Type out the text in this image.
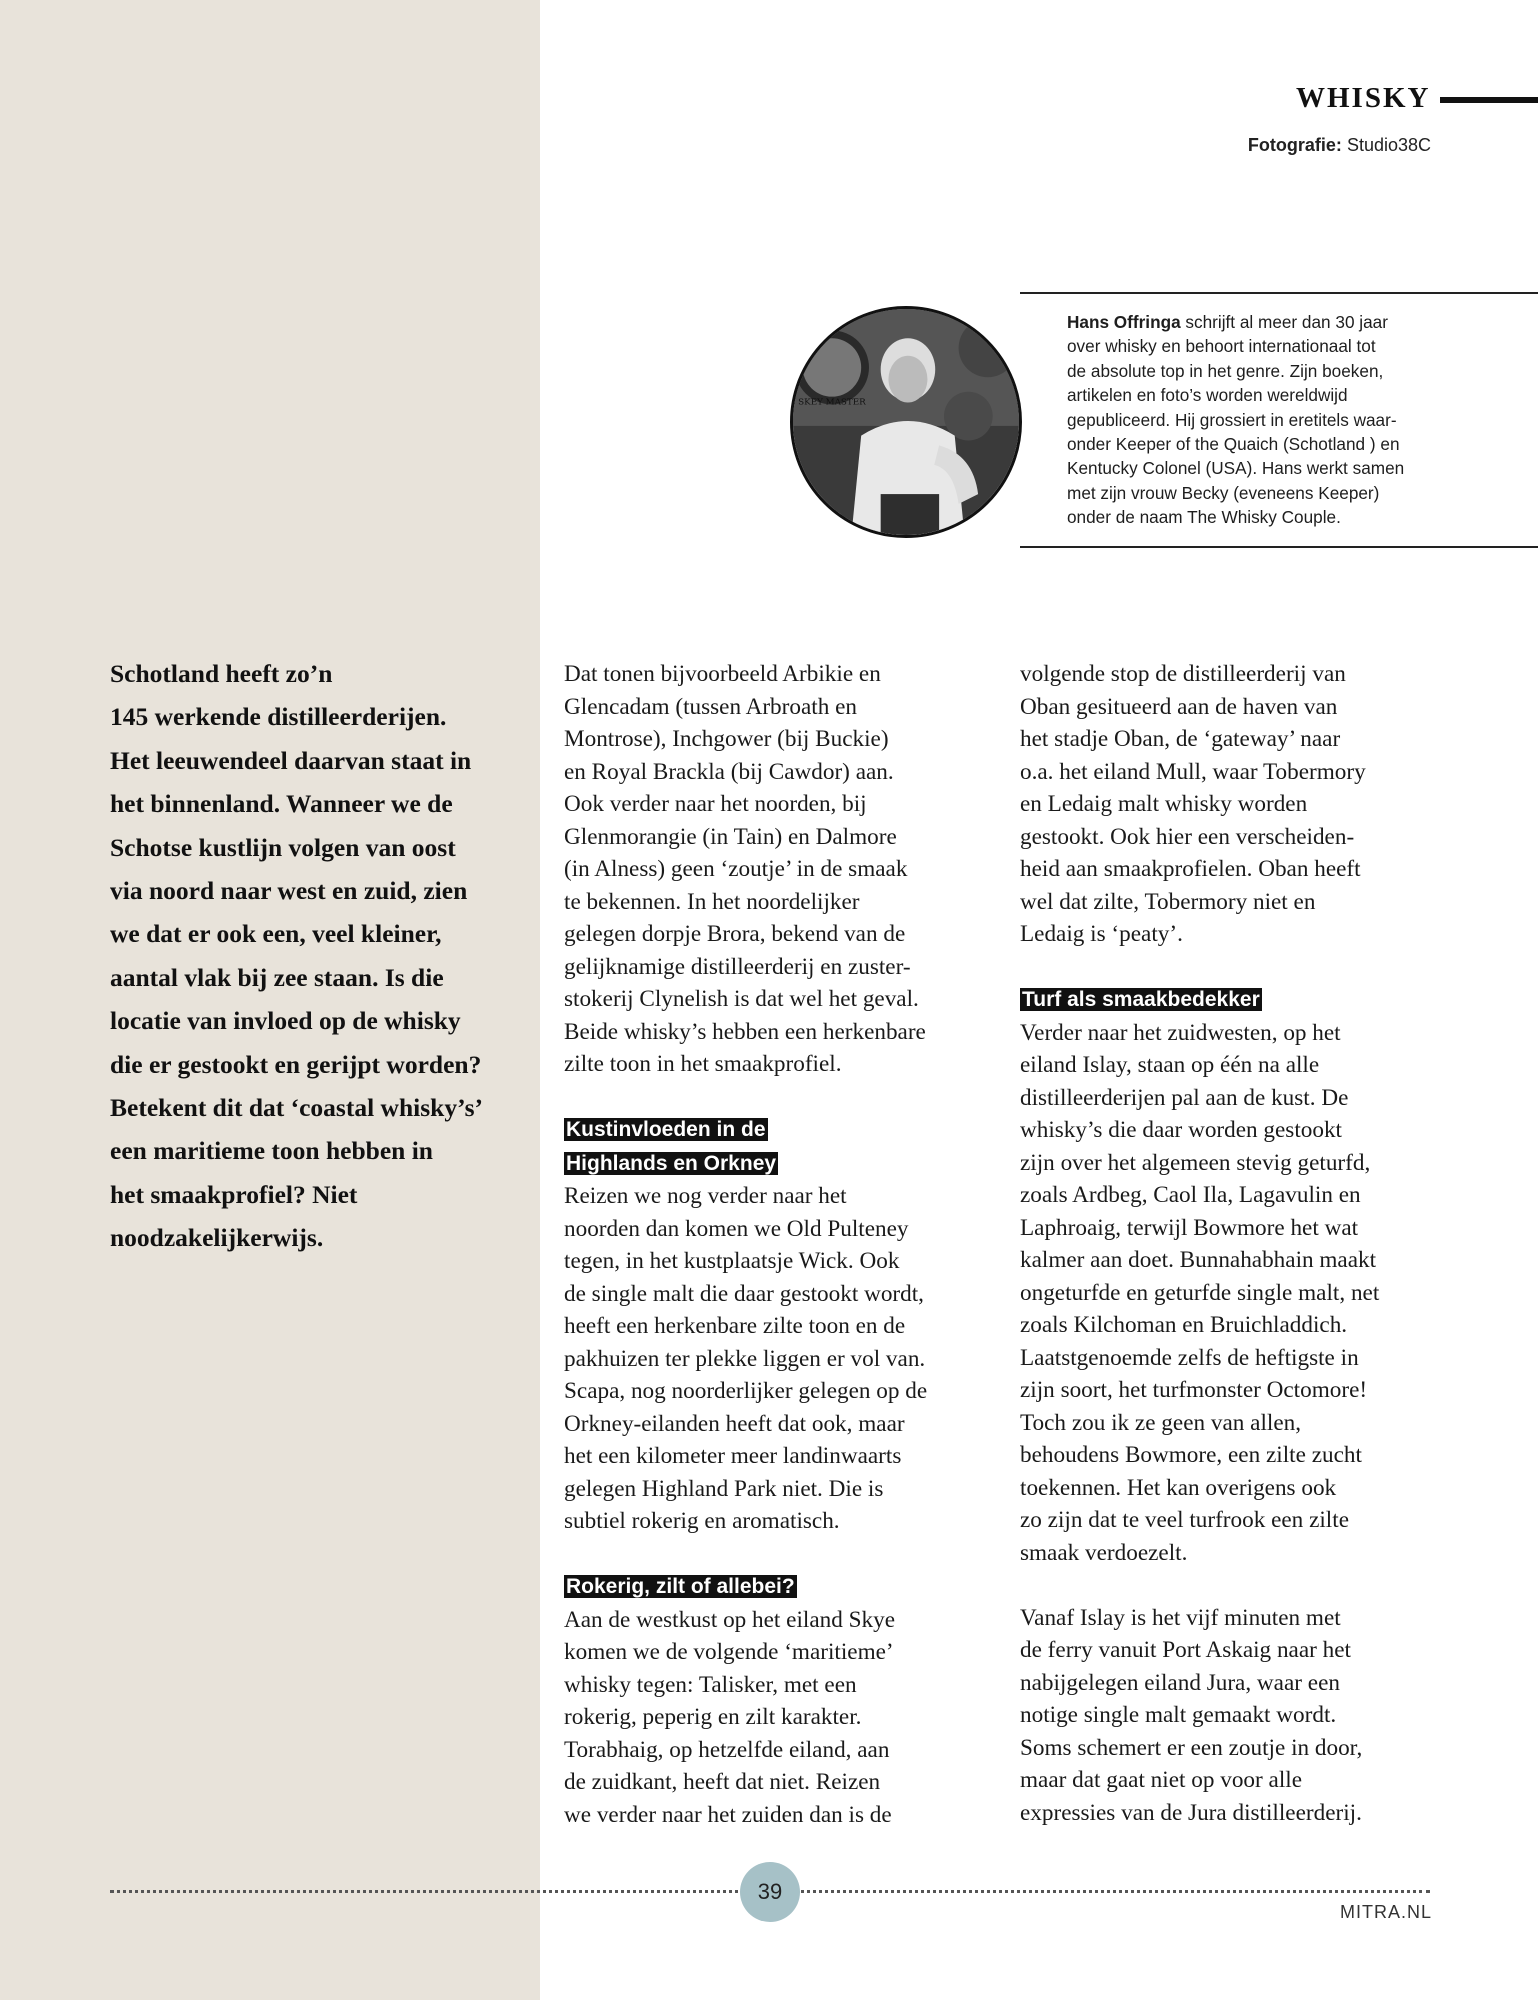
WHISKY
Fotografie: Studio38C
SKEY MASTER
Hans Offringa schrijft al meer dan 30 jaar
over whisky en behoort internationaal tot
de absolute top in het genre. Zijn boeken,
artikelen en foto’s worden wereldwijd
gepubliceerd. Hij grossiert in eretitels waar-
onder Keeper of the Quaich (Schotland ) en
Kentucky Colonel (USA). Hans werkt samen
met zijn vrouw Becky (eveneens Keeper)
onder de naam The Whisky Couple.
Schotland heeft zo’n
145 werkende distilleerderijen.
Het leeuwendeel daarvan staat in
het binnenland. Wanneer we de
Schotse kustlijn volgen van oost
via noord naar west en zuid, zien
we dat er ook een, veel kleiner,
aantal vlak bij zee staan. Is die
locatie van invloed op de whisky
die er gestookt en gerijpt worden?
Betekent dit dat ‘coastal whisky’s’
een maritieme toon hebben in
het smaakprofiel? Niet
noodzakelijkerwijs.

Dat tonen bijvoorbeeld Arbikie en
Glencadam (tussen Arbroath en
Montrose), Inchgower (bij Buckie)
en Royal Brackla (bij Cawdor) aan.
Ook verder naar het noorden, bij
Glenmorangie (in Tain) en Dalmore
(in Alness) geen ‘zoutje’ in de smaak
te bekennen. In het noordelijker
gelegen dorpje Brora, bekend van de
gelijknamige distilleerderij en zuster-
stokerij Clynelish is dat wel het geval.
Beide whisky’s hebben een herkenbare
zilte toon in het smaakprofiel.

Kustinvloeden in de
Highlands en Orkney

Reizen we nog verder naar het
noorden dan komen we Old Pulteney
tegen, in het kustplaatsje Wick. Ook
de single malt die daar gestookt wordt,
heeft een herkenbare zilte toon en de
pakhuizen ter plekke liggen er vol van.
Scapa, nog noorderlijker gelegen op de
Orkney-eilanden heeft dat ook, maar
het een kilometer meer landinwaarts
gelegen Highland Park niet. Die is
subtiel rokerig en aromatisch.

Rokerig, zilt of allebei?

Aan de westkust op het eiland Skye
komen we de volgende ‘maritieme’
whisky tegen: Talisker, met een
rokerig, peperig en zilt karakter.
Torabhaig, op hetzelfde eiland, aan
de zuidkant, heeft dat niet. Reizen
we verder naar het zuiden dan is de

volgende stop de distilleerderij van
Oban gesitueerd aan de haven van
het stadje Oban, de ‘gateway’ naar
o.a. het eiland Mull, waar Tobermory
en Ledaig malt whisky worden
gestookt. Ook hier een verscheiden-
heid aan smaakprofielen. Oban heeft
wel dat zilte, Tobermory niet en
Ledaig is ‘peaty’.

Turf als smaakbedekker

Verder naar het zuidwesten, op het
eiland Islay, staan op één na alle
distilleerderijen pal aan de kust. De
whisky’s die daar worden gestookt
zijn over het algemeen stevig geturfd,
zoals Ardbeg, Caol Ila, Lagavulin en
Laphroaig, terwijl Bowmore het wat
kalmer aan doet. Bunnahabhain maakt
ongeturfde en geturfde single malt, net
zoals Kilchoman en Bruichladdich.
Laatstgenoemde zelfs de heftigste in
zijn soort, het turfmonster Octomore!
Toch zou ik ze geen van allen,
behoudens Bowmore, een zilte zucht
toekennen. Het kan overigens ook
zo zijn dat te veel turfrook een zilte
smaak verdoezelt.

Vanaf Islay is het vijf minuten met
de ferry vanuit Port Askaig naar het
nabijgelegen eiland Jura, waar een
notige single malt gemaakt wordt.
Soms schemert er een zoutje in door,
maar dat gaat niet op voor alle
expressies van de Jura distilleerderij.

39
MITRA.NL
